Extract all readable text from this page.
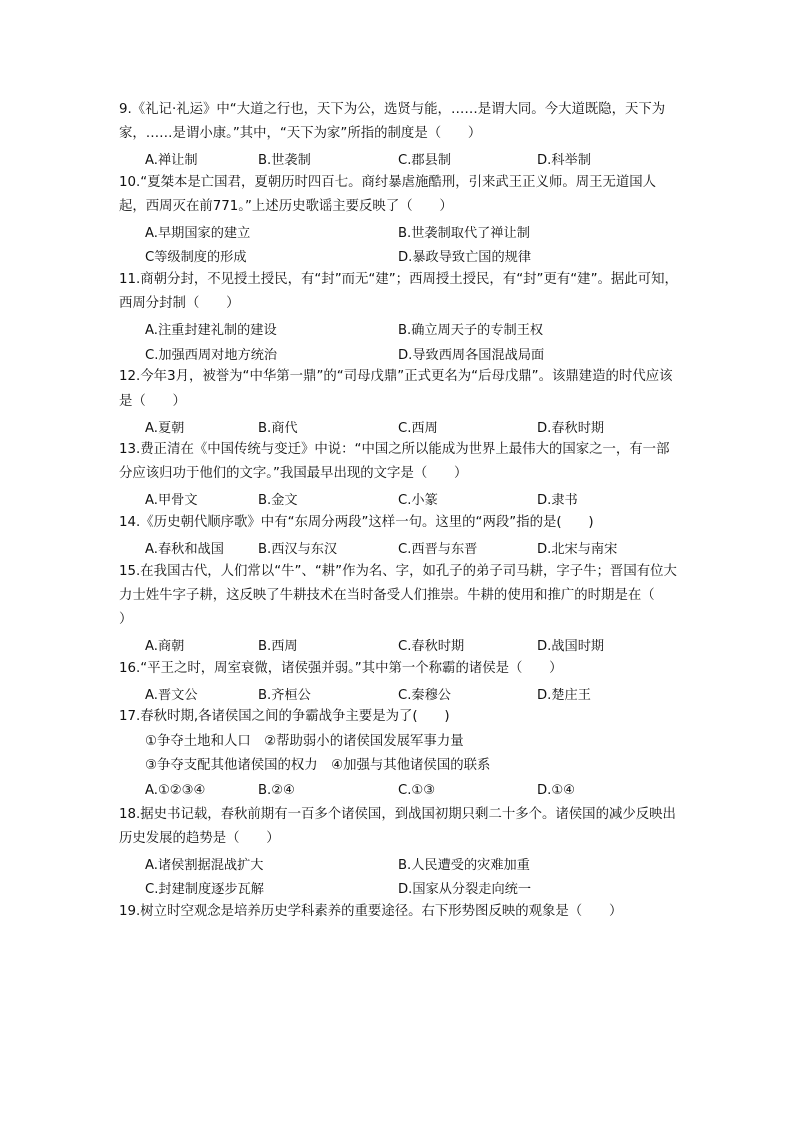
9.《礼记·礼运》中“大道之行也，天下为公，选贤与能，……是谓大同。今大道既隐，天下为家，……是谓小康。”其中，“天下为家”所指的制度是（　　）
A.禅让制	B.世袭制	C.郡县制	D.科举制
10.“夏桀本是亡国君，夏朝历时四百七。商纣暴虐施酷刑，引来武王正义师。周王无道国人起，西周灭在前771。”上述历史歌谣主要反映了（　　）
A.早期国家的建立	B.世袭制取代了禅让制
C等级制度的形成	D.暴政导致亡国的规律
11.商朝分封，不见授土授民，有“封”而无“建”；西周授土授民，有“封”更有“建”。据此可知，西周分封制（　　）
A.注重封建礼制的建设	B.确立周天子的专制王权
C.加强西周对地方统治	D.导致西周各国混战局面
12.今年3月，被誉为“中华第一鼎”的“司母戊鼎”正式更名为“后母戊鼎”。该鼎建造的时代应该是（　　）
A.夏朝	B.商代	C.西周	D.春秋时期
13.费正清在《中国传统与变迁》中说：“中国之所以能成为世界上最伟大的国家之一，有一部分应该归功于他们的文字。”我国最早出现的文字是（　　）
A.甲骨文	B.金文	C.小篆	D.隶书
14.《历史朝代顺序歌》中有“东周分两段”这样一句。这里的“两段”指的是(　　)
A.春秋和战国	B.西汉与东汉	C.西晋与东晋	D.北宋与南宋
15.在我国古代，人们常以“牛”、“耕”作为名、字，如孔子的弟子司马耕，字子牛；晋国有位大力士姓牛字子耕，这反映了牛耕技术在当时备受人们推崇。牛耕的使用和推广的时期是在（　　）
A.商朝	B.西周	C.春秋时期	D.战国时期
16.“平王之时，周室衰微，诸侯强并弱。”其中第一个称霸的诸侯是（　　）
A.晋文公	B.齐桓公	C.秦穆公	D.楚庄王
17.春秋时期,各诸侯国之间的争霸战争主要是为了(　　)
①争夺土地和人口　②帮助弱小的诸侯国发展军事力量
③争夺支配其他诸侯国的权力　④加强与其他诸侯国的联系
A.①②③④	B.②④	C.①③	D.①④
18.据史书记载，春秋前期有一百多个诸侯国，到战国初期只剩二十多个。诸侯国的减少反映出历史发展的趋势是（　　）
A.诸侯割据混战扩大	B.人民遭受的灾难加重
C.封建制度逐步瓦解	D.国家从分裂走向统一
19.树立时空观念是培养历史学科素养的重要途径。右下形势图反映的观象是（　　）
